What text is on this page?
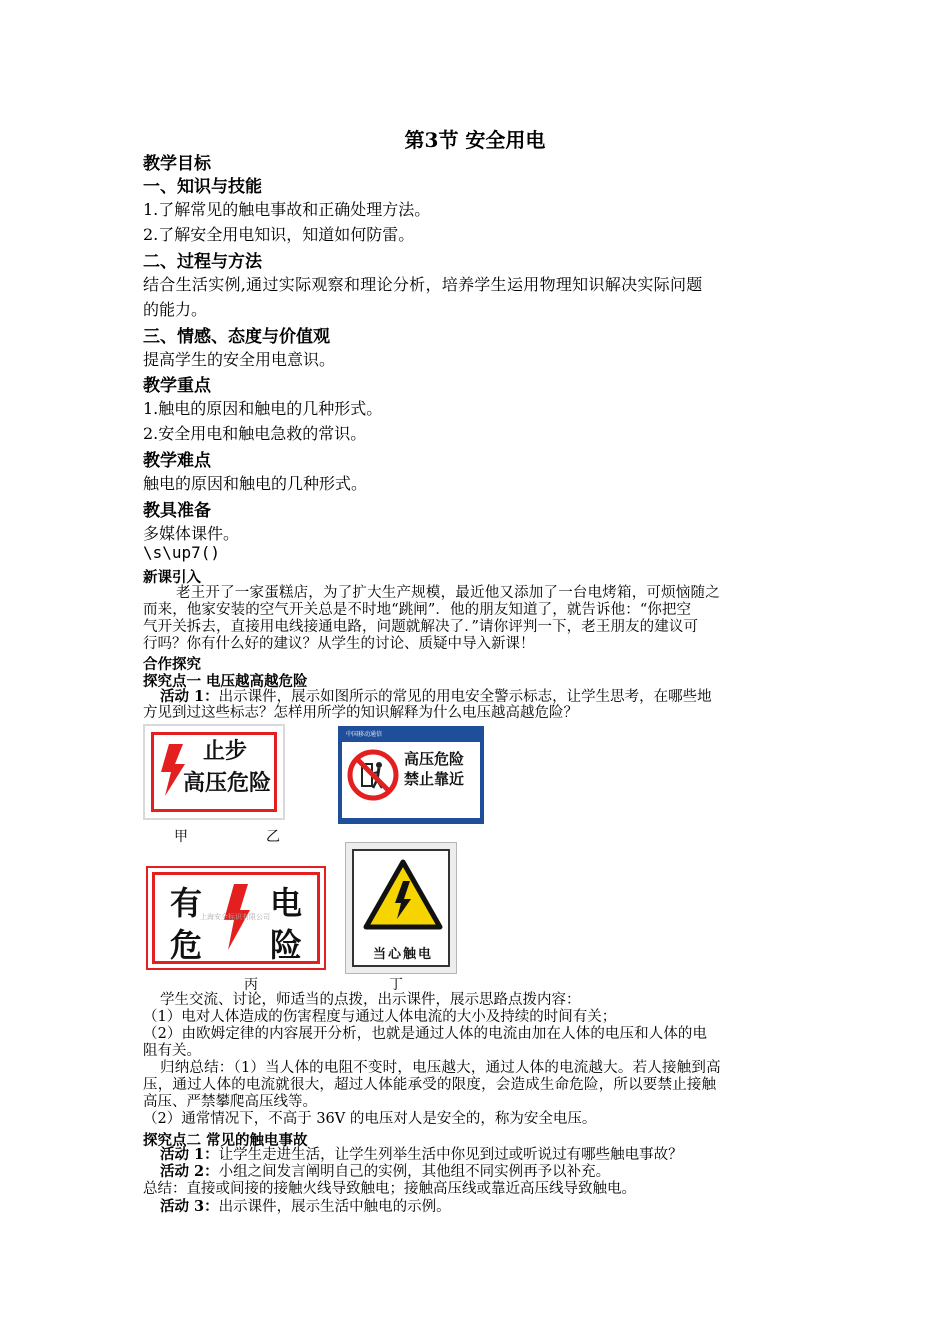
第3节 安全用电
教学目标
一、知识与技能
1.了解常见的触电事故和正确处理方法。
2.了解安全用电知识，知道如何防雷。
二、过程与方法
结合生活实例,通过实际观察和理论分析，培养学生运用物理知识解决实际问题
的能力。
三、情感、态度与价值观
提高学生的安全用电意识。
教学重点
1.触电的原因和触电的几种形式。
2.安全用电和触电急救的常识。
教学难点
触电的原因和触电的几种形式。
教具准备
多媒体课件。
\s\up7()
新课引入
老王开了一家蛋糕店，为了扩大生产规模，最近他又添加了一台电烤箱，可烦恼随之
而来，他家安装的空气开关总是不时地“跳闸”．他的朋友知道了，就告诉他：“你把空
气开关拆去，直接用电线接通电路，问题就解决了．”请你评判一下，老王朋友的建议可
行吗？你有什么好的建议？从学生的讨论、质疑中导入新课！
合作探究
探究点一 电压越高越危险
活动 1：出示课件，展示如图所示的常见的用电安全警示标志，让学生思考，在哪些地
方见到过这些标志？怎样用所学的知识解释为什么电压越高越危险？
止步
高压危险
中国移动通信
高压危险
禁止靠近
甲	乙
有
危
电
险
上海安全标识有限公司
当心触电
丙	丁
学生交流、讨论，师适当的点拨，出示课件，展示思路点拨内容：
（1）电对人体造成的伤害程度与通过人体电流的大小及持续的时间有关；
（2）由欧姆定律的内容展开分析，也就是通过人体的电流由加在人体的电压和人体的电
阻有关。
归纳总结：（1）当人体的电阻不变时，电压越大，通过人体的电流越大。若人接触到高
压，通过人体的电流就很大，超过人体能承受的限度，会造成生命危险，所以要禁止接触
高压、严禁攀爬高压线等。
（2）通常情况下，不高于 36V 的电压对人是安全的，称为安全电压。
探究点二 常见的触电事故
活动 1：让学生走进生活，让学生列举生活中你见到过或听说过有哪些触电事故？
活动 2：小组之间发言阐明自己的实例，其他组不同实例再予以补充。
总结：直接或间接的接触火线导致触电；接触高压线或靠近高压线导致触电。
活动 3：出示课件，展示生活中触电的示例。
